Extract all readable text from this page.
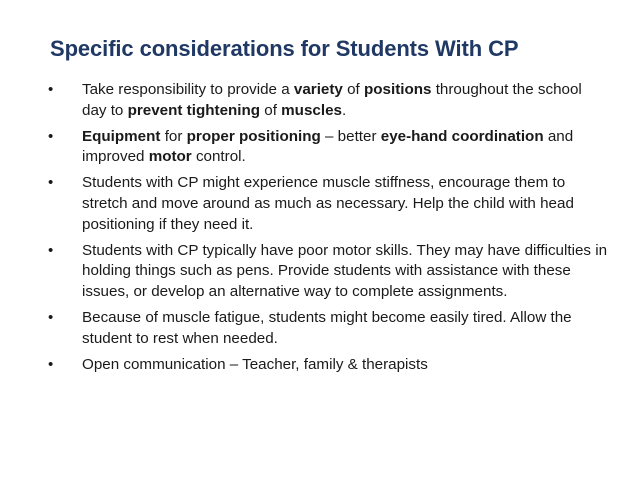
Specific considerations for Students With CP
• Take responsibility to provide a variety of positions throughout the school day to prevent tightening of muscles.
• Equipment for proper positioning – better eye-hand coordination and improved motor control.
• Students with CP might experience muscle stiffness, encourage them to stretch and move around as much as necessary. Help the child with head positioning if they need it.
• Students with CP typically have poor motor skills. They may have difficulties in holding things such as pens. Provide students with assistance with these issues, or develop an alternative way to complete assignments.
• Because of muscle fatigue, students might become easily tired. Allow the student to rest when needed.
• Open communication – Teacher, family & therapists
